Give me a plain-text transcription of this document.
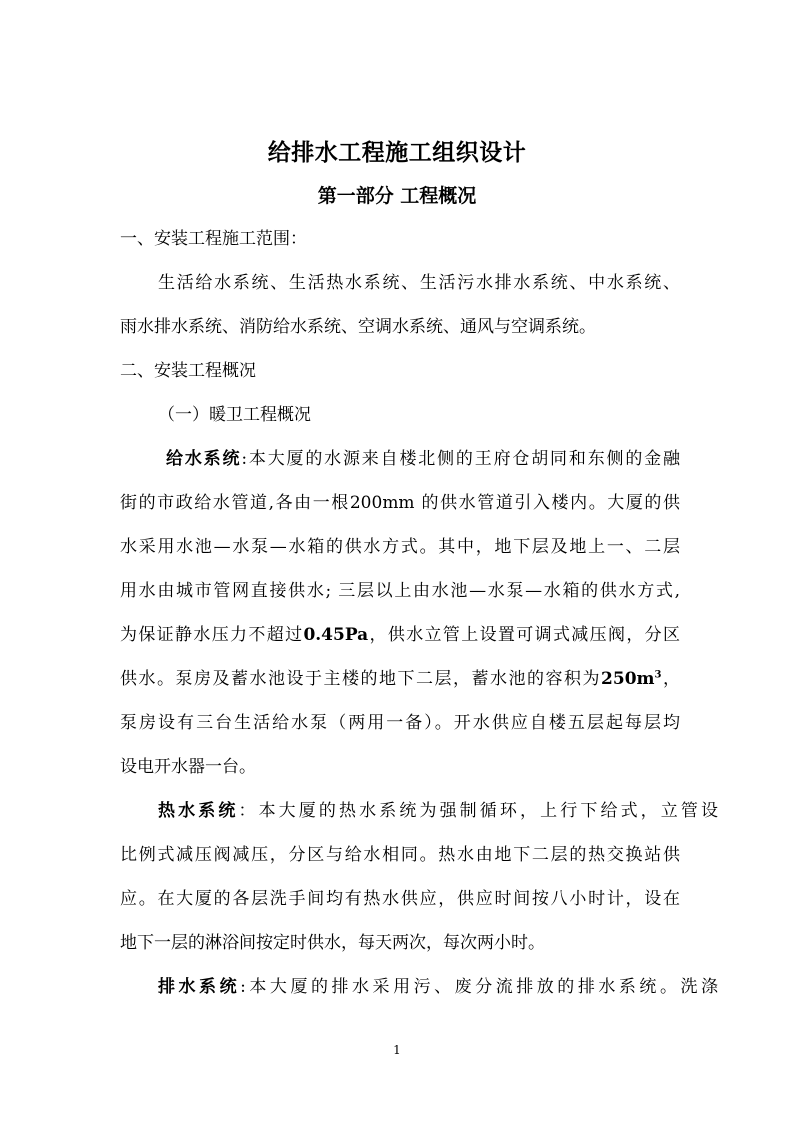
给排水工程施工组织设计
第一部分 工程概况

一、安装工程施工范围：

生活给水系统、生活热水系统、生活污水排水系统、中水系统、

雨水排水系统、消防给水系统、空调水系统、通风与空调系统。

二、安装工程概况

（一）暖卫工程概况

给水系统:本大厦的水源来自楼北侧的王府仓胡同和东侧的金融

街的市政给水管道,各由一根200mm 的供水管道引入楼内。大厦的供

水采用水池—水泵—水箱的供水方式。其中，地下层及地上一、二层

用水由城市管网直接供水; 三层以上由水池—水泵—水箱的供水方式,

为保证静水压力不超过0.45Pa，供水立管上设置可调式减压阀，分区

供水。泵房及蓄水池设于主楼的地下二层，蓄水池的容积为$250m^3$，

泵房设有三台生活给水泵（两用一备）。开水供应自楼五层起每层均

设电开水器一台。

热水系统：本大厦的热水系统为强制循环，上行下给式，立管设

比例式减压阀减压，分区与给水相同。热水由地下二层的热交换站供

应。在大厦的各层洗手间均有热水供应，供应时间按八小时计，设在

地下一层的淋浴间按定时供水，每天两次，每次两小时。

排水系统:本大厦的排水采用污、废分流排放的排水系统。洗涤

1
